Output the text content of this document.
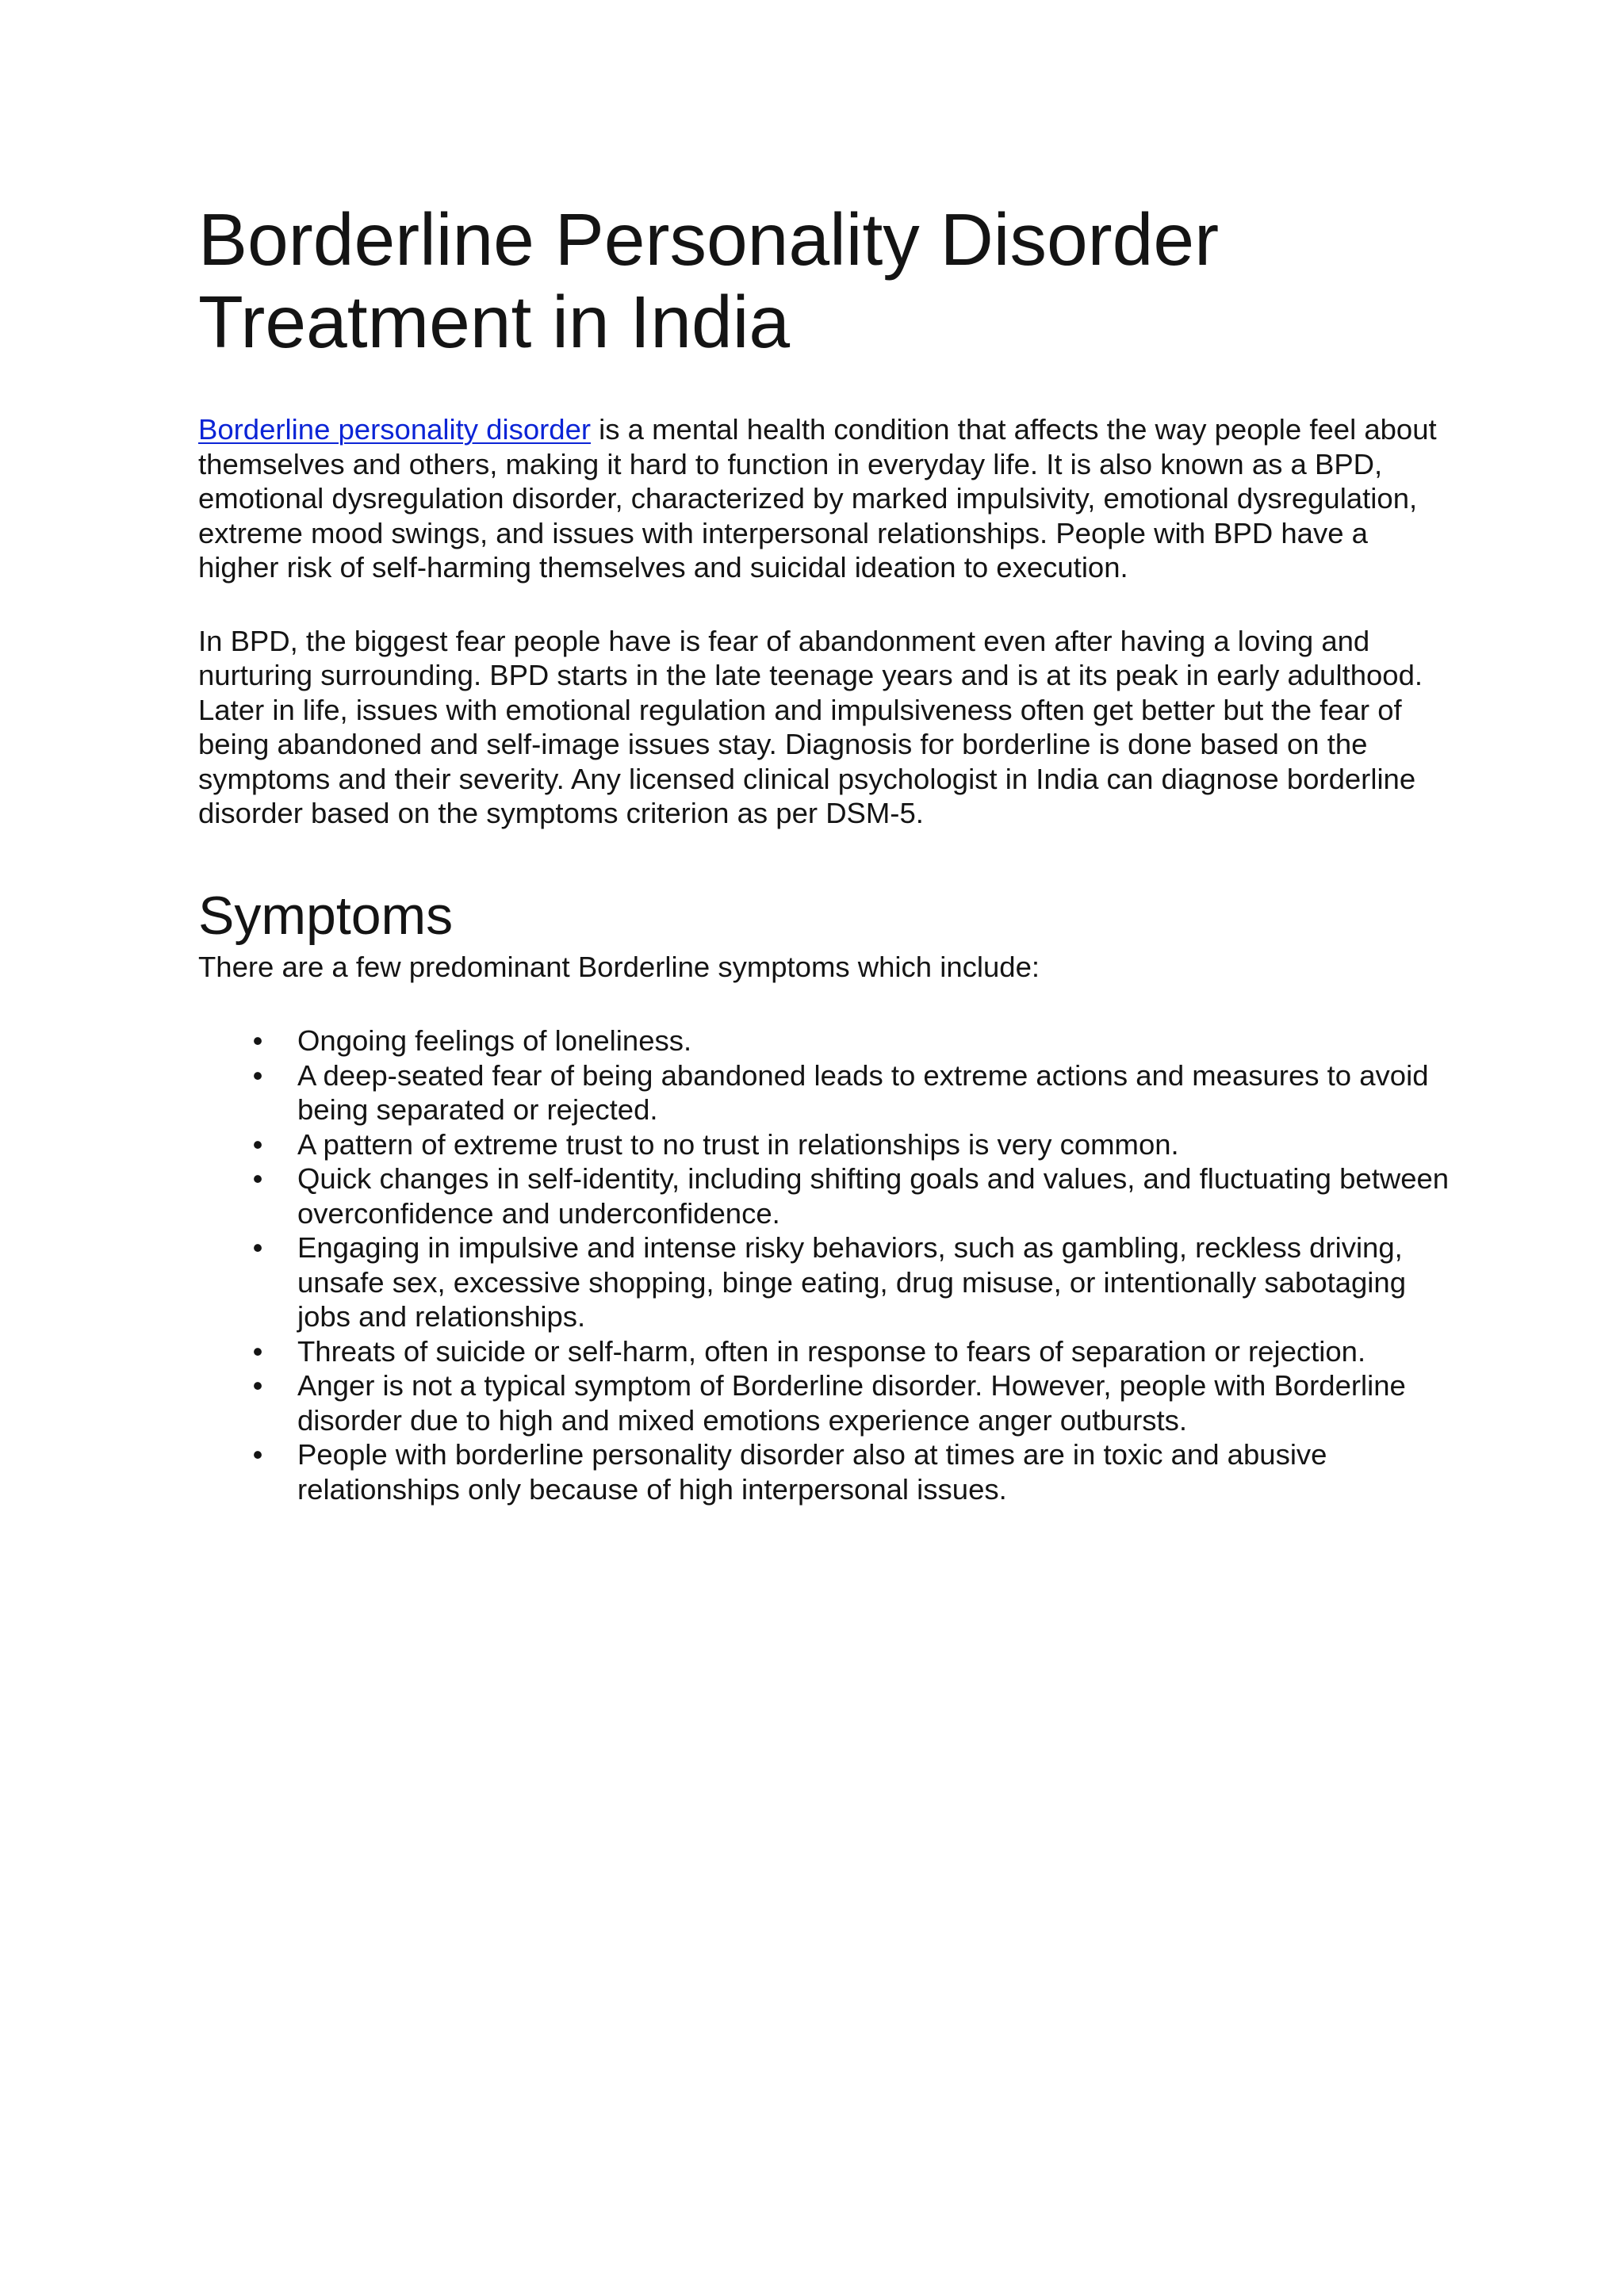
Borderline Personality Disorder
Treatment in India

Borderline personality disorder is a mental health condition that affects the way people feel about themselves and others, making it hard to function in everyday life. It is also known as a BPD, emotional dysregulation disorder, characterized by marked impulsivity, emotional dysregulation, extreme mood swings, and issues with interpersonal relationships. People with BPD have a higher risk of self-harming themselves and suicidal ideation to execution.

In BPD, the biggest fear people have is fear of abandonment even after having a loving and nurturing surrounding. BPD starts in the late teenage years and is at its peak in early adulthood. Later in life, issues with emotional regulation and impulsiveness often get better but the fear of being abandoned and self-image issues stay. Diagnosis for borderline is done based on the symptoms and their severity. Any licensed clinical psychologist in India can diagnose borderline disorder based on the symptoms criterion as per DSM-5.

Symptoms

There are a few predominant Borderline symptoms which include:

• Ongoing feelings of loneliness.
• A deep-seated fear of being abandoned leads to extreme actions and measures to avoid being separated or rejected.
• A pattern of extreme trust to no trust in relationships is very common.
• Quick changes in self-identity, including shifting goals and values, and fluctuating between overconfidence and underconfidence.
• Engaging in impulsive and intense risky behaviors, such as gambling, reckless driving, unsafe sex, excessive shopping, binge eating, drug misuse, or intentionally sabotaging jobs and relationships.
• Threats of suicide or self-harm, often in response to fears of separation or rejection.
• Anger is not a typical symptom of Borderline disorder. However, people with Borderline disorder due to high and mixed emotions experience anger outbursts.
• People with borderline personality disorder also at times are in toxic and abusive relationships only because of high interpersonal issues.
